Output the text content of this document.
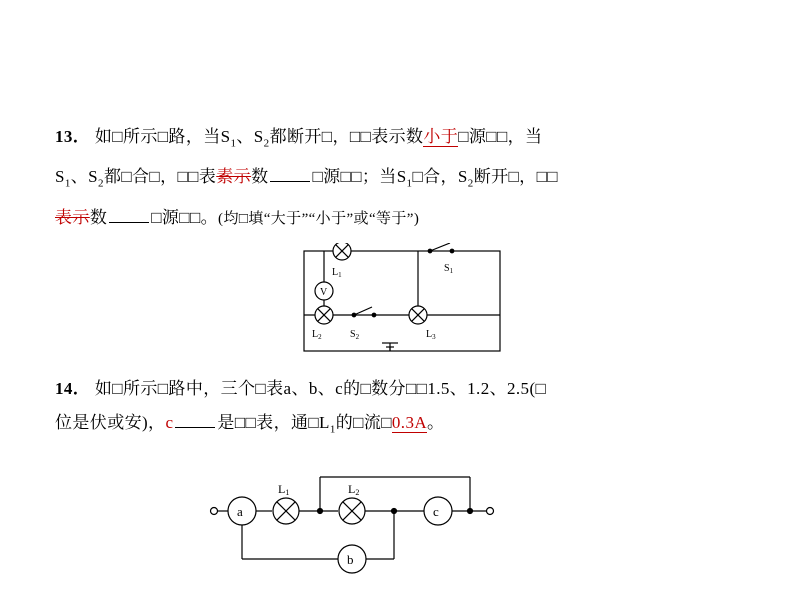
13． 如□所示□路，当$S_1$、$S_2$都断开□，□□表示数小于□源□□，当
$S_1$、$S_2$都□合□，□□表素示数	□源□□；当$S_1□$合，$S_2$断开□，□□
表示数	□源□□。(均□填“大于”“小于”或“等于”)
$L_1$
$S_1$
$L_2$	$S_2$	$L_3$
V
14． 如□所示□路中，三个□表a、b、c的□数分□□1.5、1.2、2.5(□
位是伏或安)，c	是□□表，通$□L_1$的□流□0.3A。
a
b
c
L1	L2
